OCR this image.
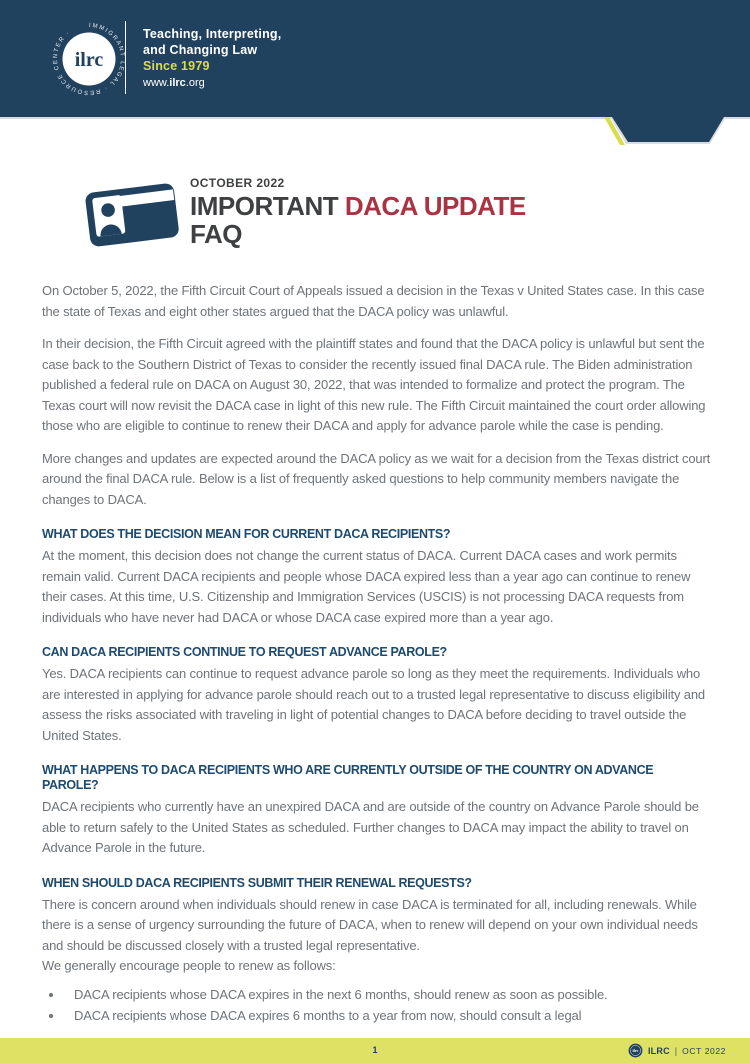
ilrc
IMMIGRANT LEGAL · RESOURCE CENTER ·	Teaching, Interpreting,
and Changing Law
Since 1979
www.ilrc.org
OCTOBER 2022
IMPORTANT DACA UPDATE
FAQ

On October 5, 2022, the Fifth Circuit Court of Appeals issued a decision in the Texas v United States case. In this case the state of Texas and eight other states argued that the DACA policy was unlawful.

In their decision, the Fifth Circuit agreed with the plaintiff states and found that the DACA policy is unlawful but sent the case back to the Southern District of Texas to consider the recently issued final DACA rule. The Biden administration published a federal rule on DACA on August 30, 2022, that was intended to formalize and protect the program. The Texas court will now revisit the DACA case in light of this new rule. The Fifth Circuit maintained the court order allowing those who are eligible to continue to renew their DACA and apply for advance parole while the case is pending.

More changes and updates are expected around the DACA policy as we wait for a decision from the Texas district court around the final DACA rule. Below is a list of frequently asked questions to help community members navigate the changes to DACA.

WHAT DOES THE DECISION MEAN FOR CURRENT DACA RECIPIENTS?

At the moment, this decision does not change the current status of DACA. Current DACA cases and work permits remain valid. Current DACA recipients and people whose DACA expired less than a year ago can continue to renew their cases. At this time, U.S. Citizenship and Immigration Services (USCIS) is not processing DACA requests from individuals who have never had DACA or whose DACA case expired more than a year ago.

CAN DACA RECIPIENTS CONTINUE TO REQUEST ADVANCE PAROLE?

Yes. DACA recipients can continue to request advance parole so long as they meet the requirements. Individuals who are interested in applying for advance parole should reach out to a trusted legal representative to discuss eligibility and assess the risks associated with traveling in light of potential changes to DACA before deciding to travel outside the United States.

WHAT HAPPENS TO DACA RECIPIENTS WHO ARE CURRENTLY OUTSIDE OF THE COUNTRY ON ADVANCE PAROLE?

DACA recipients who currently have an unexpired DACA and are outside of the country on Advance Parole should be able to return safely to the United States as scheduled. Further changes to DACA may impact the ability to travel on Advance Parole in the future.

WHEN SHOULD DACA RECIPIENTS SUBMIT THEIR RENEWAL REQUESTS?

There is concern around when individuals should renew in case DACA is terminated for all, including renewals. While there is a sense of urgency surrounding the future of DACA, when to renew will depend on your own individual needs and should be discussed closely with a trusted legal representative.

We generally encourage people to renew as follows:

• DACA recipients whose DACA expires in the next 6 months, should renew as soon as possible.
• DACA recipients whose DACA expires 6 months to a year from now, should consult a legal
1	ilrc ILRC | OCT 2022
